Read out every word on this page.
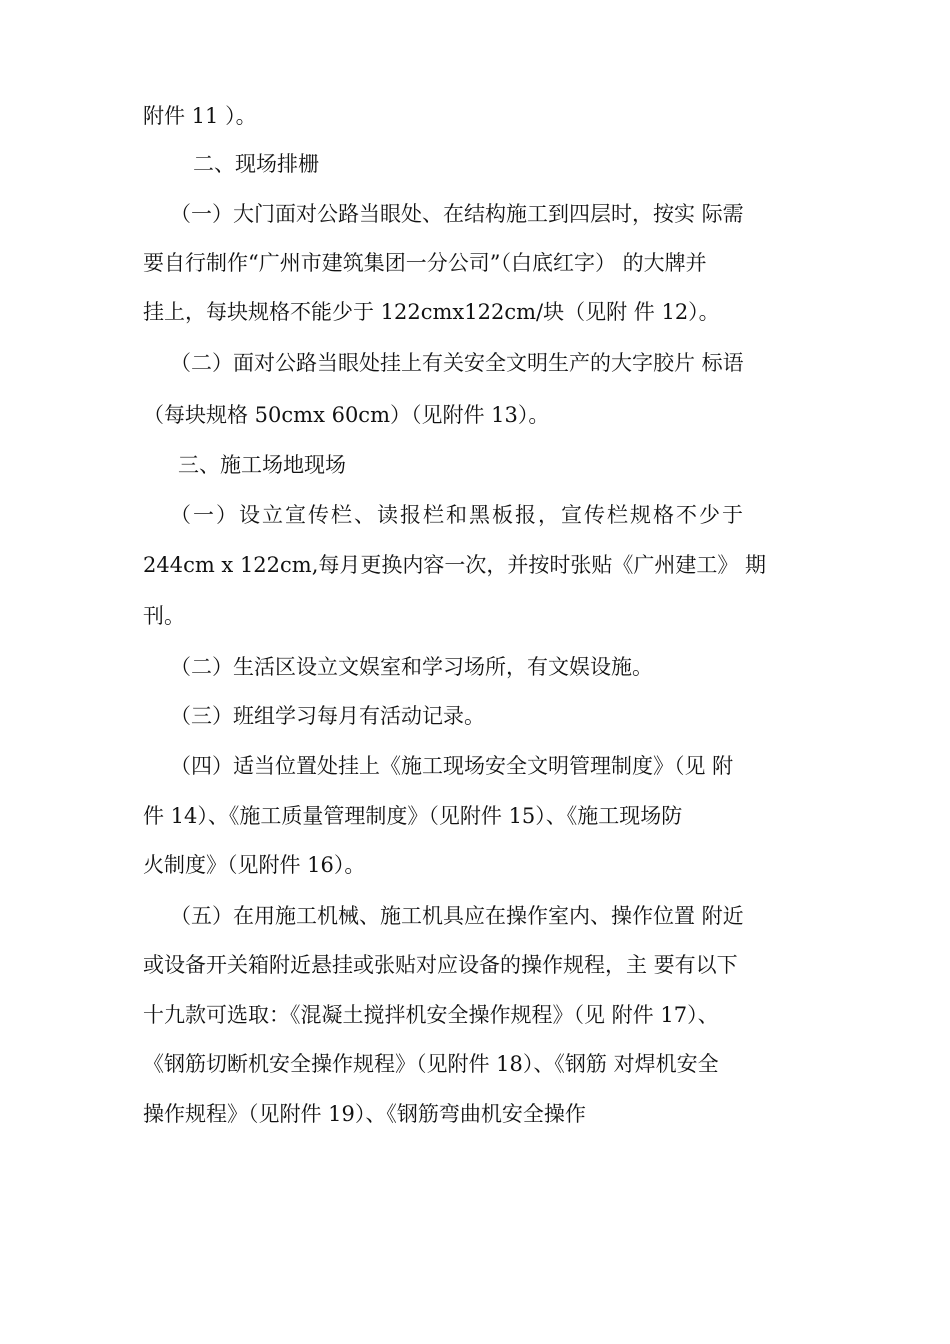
附件 11 ）。
二、现场排栅
（一）大门面对公路当眼处、在结构施工到四层时，按实 际需
要自行制作“广州市建筑集团一分公司”（白底红字） 的大牌并
挂上，每块规格不能少于 122cmx122cm/块（见附 件 12）。
（二）面对公路当眼处挂上有关安全文明生产的大字胶片 标语
（每块规格 50cmx 60cm）（见附件 13）。
三、施工场地现场
（一）设立宣传栏、读报栏和黑板报，宣传栏规格不少于
244cm x 122cm,每月更换内容一次，并按时张贴《广州建工》 期
刊。
（二）生活区设立文娱室和学习场所，有文娱设施。
（三）班组学习每月有活动记录。
（四）适当位置处挂上《施工现场安全文明管理制度》（见 附
件 14）、《施工质量管理制度》（见附件 15）、《施工现场防
火制度》（见附件 16）。
（五）在用施工机械、施工机具应在操作室内、操作位置 附近
或设备开关箱附近悬挂或张贴对应设备的操作规程，主 要有以下
十九款可选取：《混凝土搅拌机安全操作规程》（见 附件 17）、
《钢筋切断机安全操作规程》（见附件 18）、《钢筋 对焊机安全
操作规程》（见附件 19）、《钢筋弯曲机安全操作
